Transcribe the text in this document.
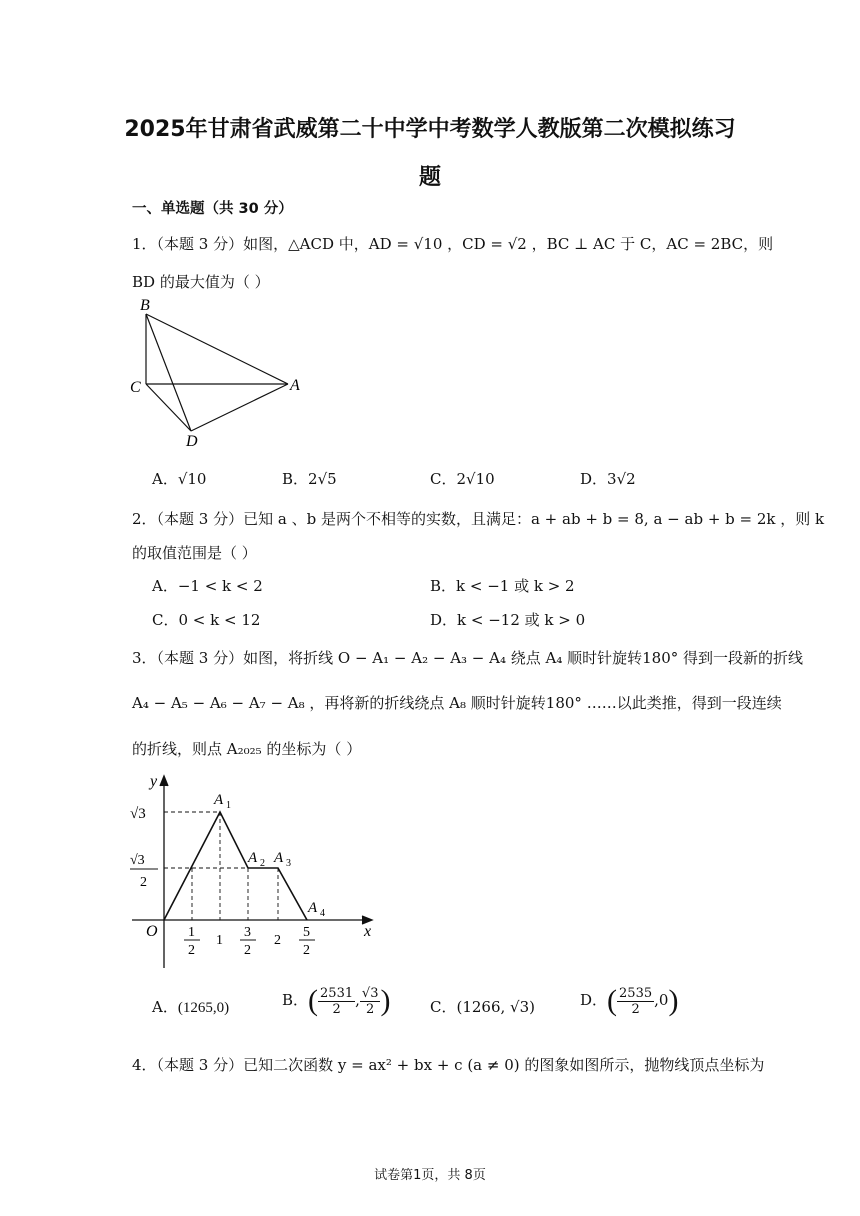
2025年甘肃省武威第二十中学中考数学人教版第二次模拟练习
题
一、单选题（共 30 分）
1．（本题 3 分）如图，△ACD 中，AD = √10 ，CD = √2 ，BC ⊥ AC 于 C，AC = 2BC，则
BD 的最大值为（ ）
B
C	A
D
A．√10	B．2√5	C．2√10	D．3√2
2．（本题 3 分）已知 a 、b 是两个不相等的实数，且满足：a + ab + b = 8, a − ab + b = 2k ，则 k
的取值范围是（ ）
A．−1 < k < 2	B．k < −1 或 k > 2
C．0 < k < 12	D．k < −12 或 k > 0
3．（本题 3 分）如图，将折线 O − A₁ − A₂ − A₃ − A₄ 绕点 A₄ 顺时针旋转180° 得到一段新的折线
A₄ − A₅ − A₆ − A₇ − A₈ ，再将新的折线绕点 A₈ 顺时针旋转180° ……以此类推，得到一段连续
的折线，则点 A₂₀₂₅ 的坐标为（ ）
y
x
O
√3
√3
2
1
2
1
3
2
2
5
2
A 1
A 2 A 3
A 4
A．(1265,0)	B．( $\frac{2531}{2}$ , $\frac{√3}{2}$ )	C．(1266, √3)	D．( $\frac{2535}{2} ,0$)
4．（本题 3 分）已知二次函数 y = ax² + bx + c (a ≠ 0) 的图象如图所示，抛物线顶点坐标为
试卷第1页，共 8页
